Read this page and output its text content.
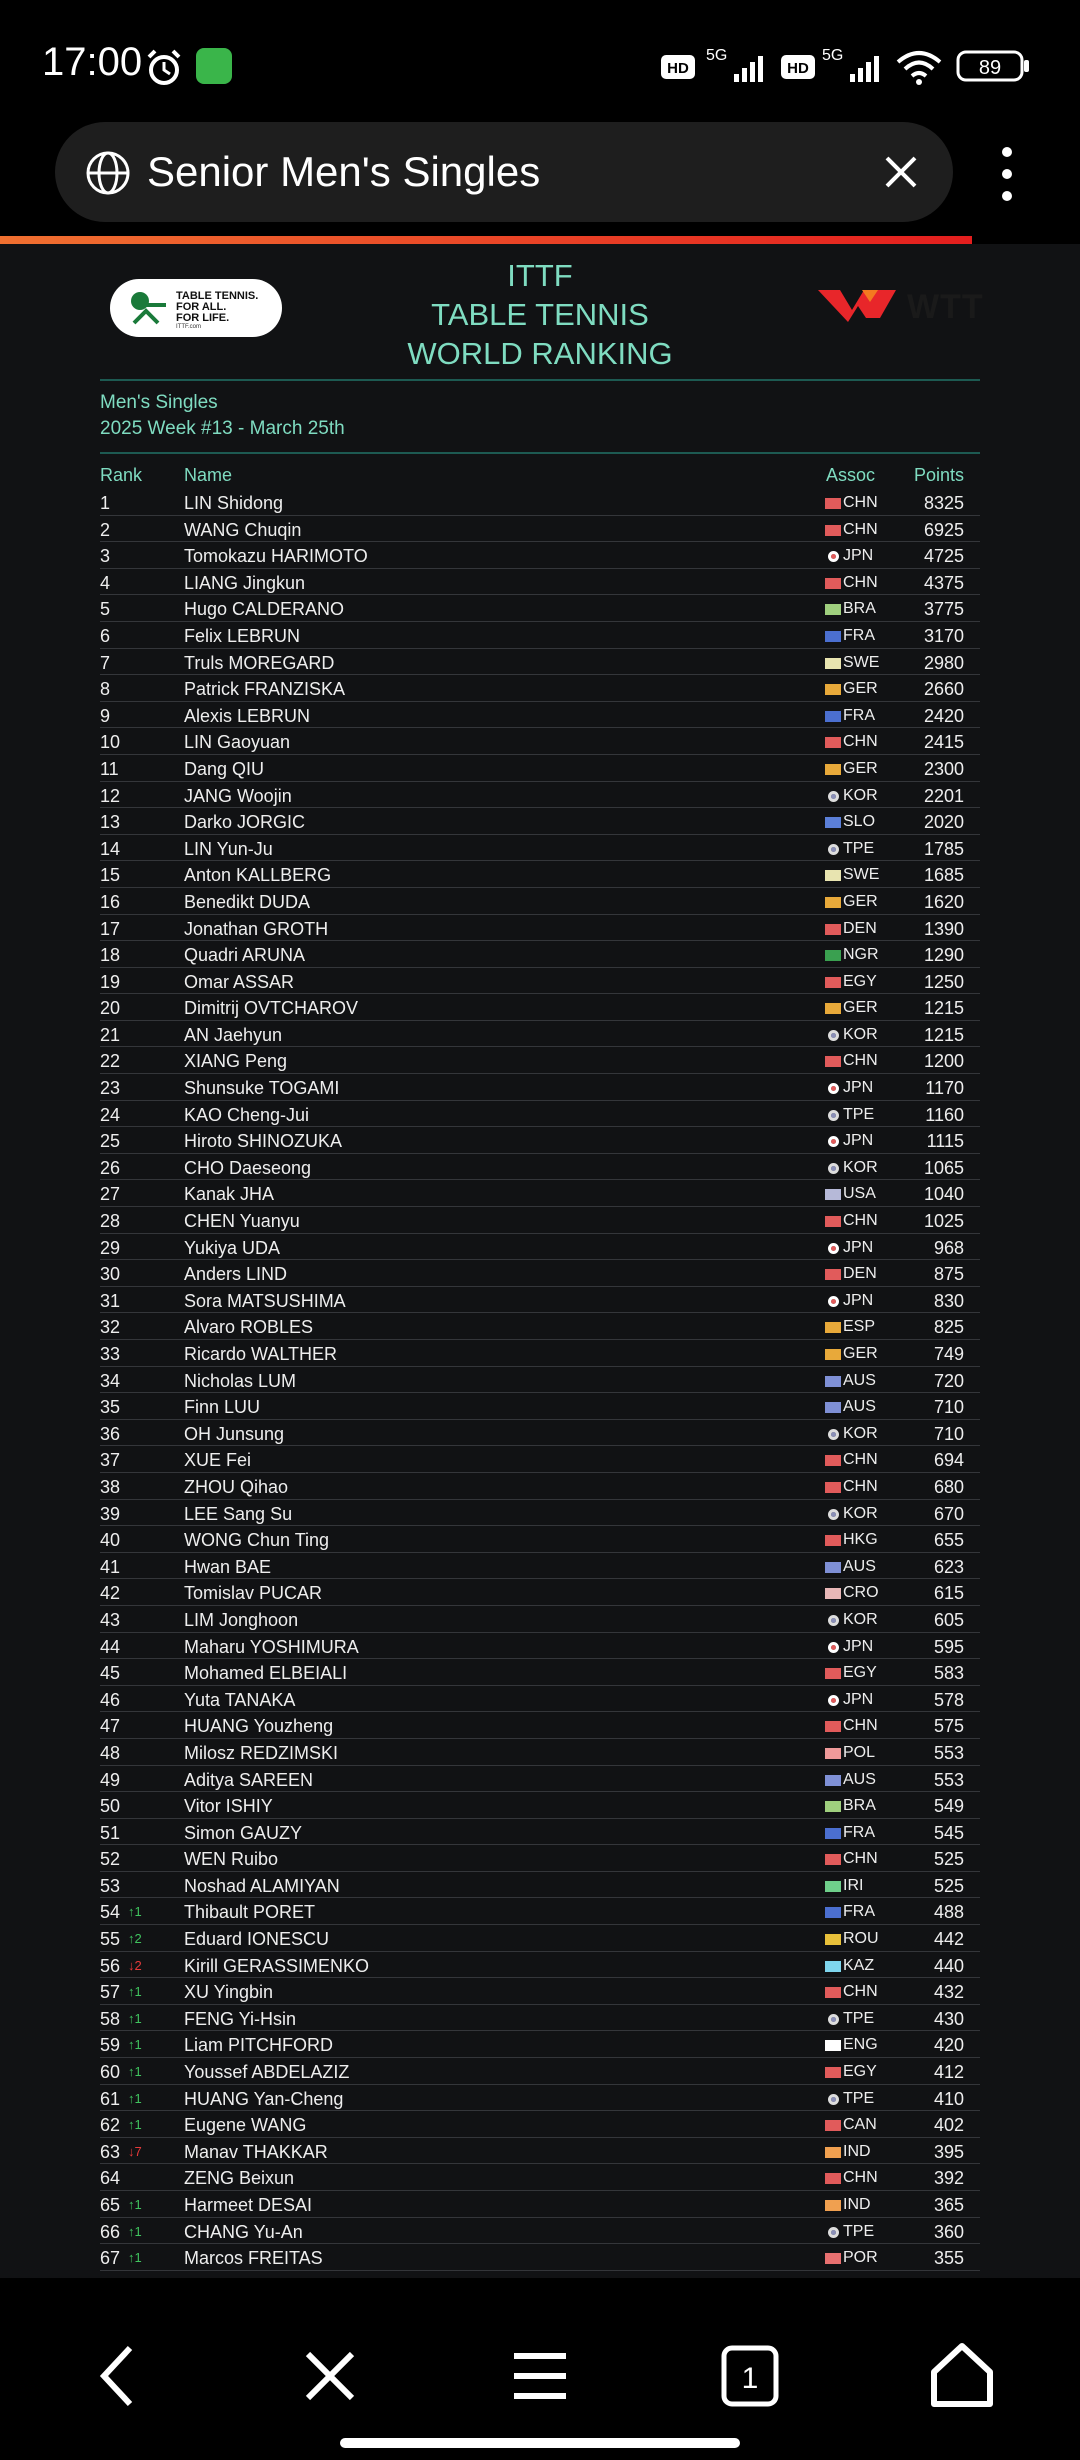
17:00	HD
5G
HD
5G
89
Senior Men's Singles
TABLE TENNIS.
FOR ALL.
FOR LIFE.
ITTF.com
ITTF
TABLE TENNIS
WORLD RANKING
WTT
Men's Singles
2025 Week #13 - March 25th
Rank Name	Assoc Points
1	LIN Shidong	CHN	8325
2	WANG Chuqin	CHN	6925
3	Tomokazu HARIMOTO	JPN	4725
4	LIANG Jingkun	CHN	4375
5	Hugo CALDERANO	BRA	3775
6	Felix LEBRUN	FRA	3170
7	Truls MOREGARD	SWE	2980
8	Patrick FRANZISKA	GER	2660
9	Alexis LEBRUN	FRA	2420
10	LIN Gaoyuan	CHN	2415
11	Dang QIU	GER	2300
12	JANG Woojin	KOR	2201
13	Darko JORGIC	SLO	2020
14	LIN Yun-Ju	TPE	1785
15	Anton KALLBERG	SWE	1685
16	Benedikt DUDA	GER	1620
17	Jonathan GROTH	DEN	1390
18	Quadri ARUNA	NGR	1290
19	Omar ASSAR	EGY	1250
20	Dimitrij OVTCHAROV	GER	1215
21	AN Jaehyun	KOR	1215
22	XIANG Peng	CHN	1200
23	Shunsuke TOGAMI	JPN	1170
24	KAO Cheng-Jui	TPE	1160
25	Hiroto SHINOZUKA	JPN	1115
26	CHO Daeseong	KOR	1065
27	Kanak JHA	USA	1040
28	CHEN Yuanyu	CHN	1025
29	Yukiya UDA	JPN	968
30	Anders LIND	DEN	875
31	Sora MATSUSHIMA	JPN	830
32	Alvaro ROBLES	ESP	825
33	Ricardo WALTHER	GER	749
34	Nicholas LUM	AUS	720
35	Finn LUU	AUS	710
36	OH Junsung	KOR	710
37	XUE Fei	CHN	694
38	ZHOU Qihao	CHN	680
39	LEE Sang Su	KOR	670
40	WONG Chun Ting	HKG	655
41	Hwan BAE	AUS	623
42	Tomislav PUCAR	CRO	615
43	LIM Jonghoon	KOR	605
44	Maharu YOSHIMURA	JPN	595
45	Mohamed ELBEIALI	EGY	583
46	Yuta TANAKA	JPN	578
47	HUANG Youzheng	CHN	575
48	Milosz REDZIMSKI	POL	553
49	Aditya SAREEN	AUS	553
50	Vitor ISHIY	BRA	549
51	Simon GAUZY	FRA	545
52	WEN Ruibo	CHN	525
53	Noshad ALAMIYAN	IRI	525
54 ↑1 Thibault PORET	FRA	488
55 ↑2 Eduard IONESCU	ROU	442
56 ↓2 Kirill GERASSIMENKO	KAZ	440
57 ↑1 XU Yingbin	CHN	432
58 ↑1 FENG Yi-Hsin	TPE	430
59 ↑1 Liam PITCHFORD	ENG	420
60 ↑1 Youssef ABDELAZIZ	EGY	412
61 ↑1 HUANG Yan-Cheng	TPE	410
62 ↑1 Eugene WANG	CAN	402
63 ↓7 Manav THAKKAR	IND	395
64	ZENG Beixun	CHN	392
65 ↑1 Harmeet DESAI	IND	365
66 ↑1 CHANG Yu-An	TPE	360
67 ↑1 Marcos FREITAS	POR	355
1
